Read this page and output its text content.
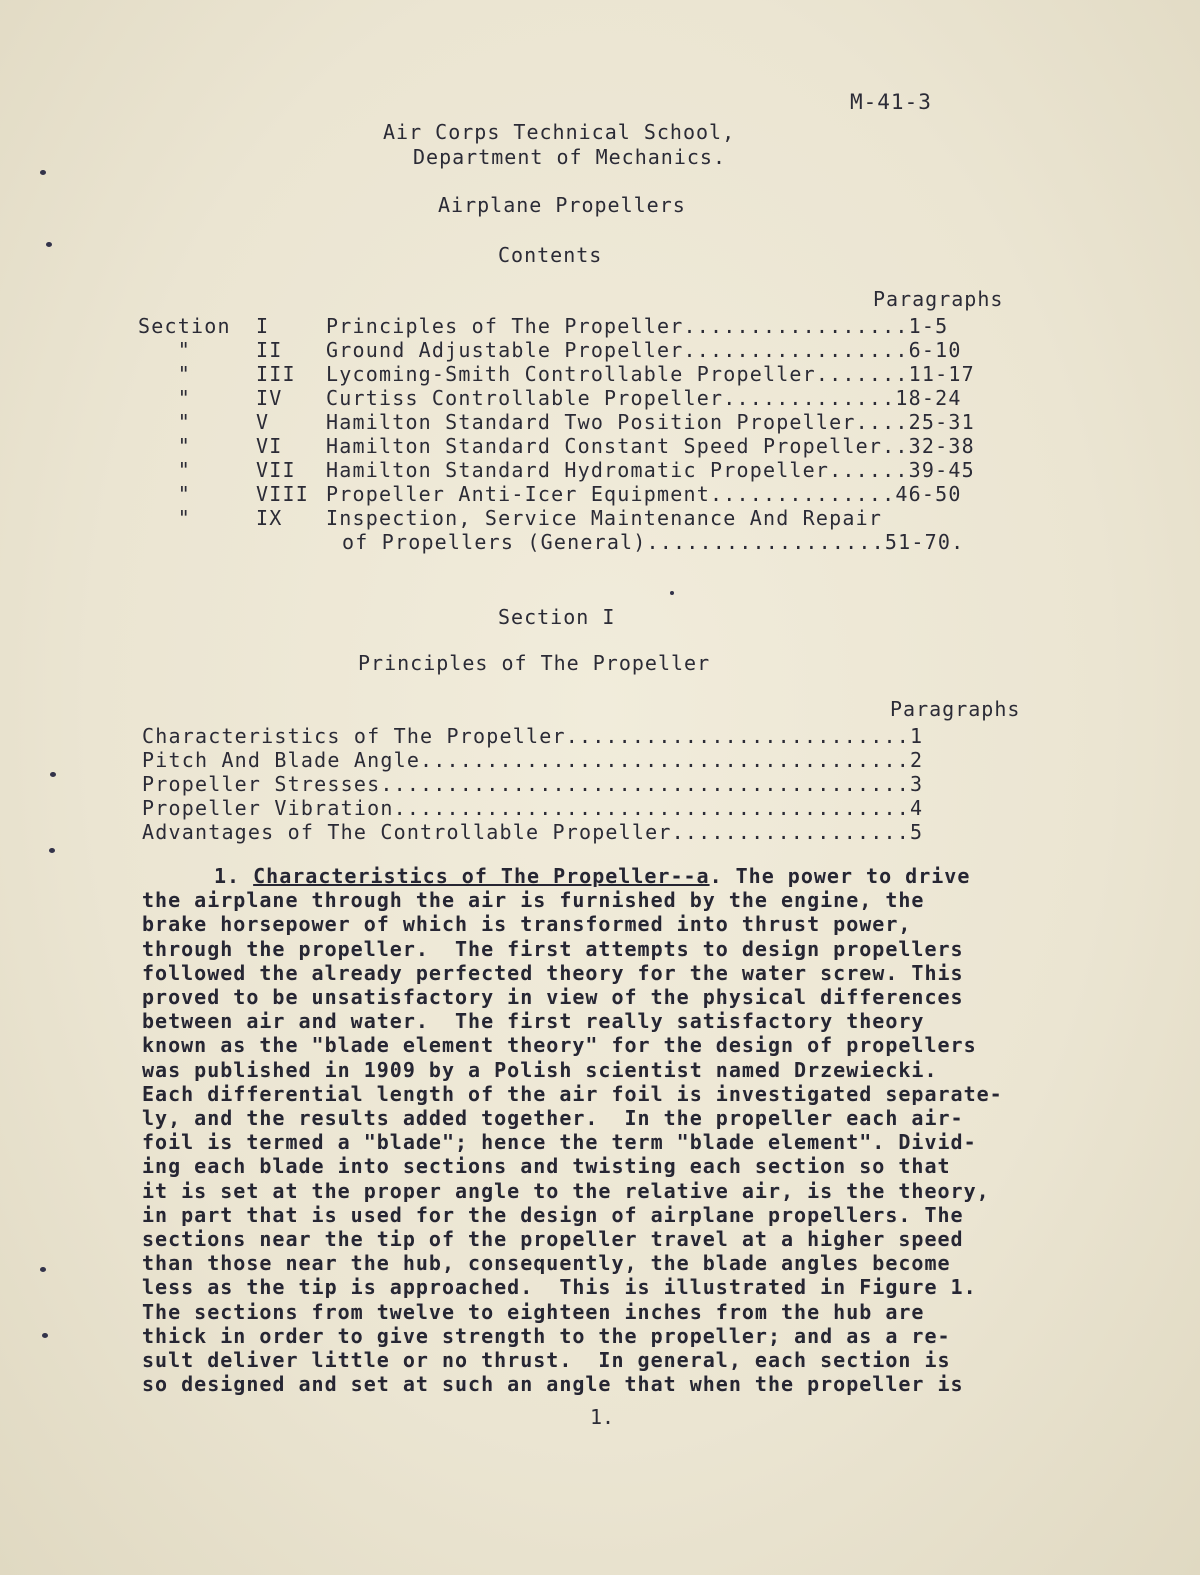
M-41-3
Air Corps Technical School,
Department of Mechanics.
Airplane Propellers
Contents
Paragraphs
Section	I	Principles of The Propeller.................1-5
"	II	Ground Adjustable Propeller.................6-10
"	III	Lycoming-Smith Controllable Propeller.......11-17
"	IV	Curtiss Controllable Propeller.............18-24
"	V	Hamilton Standard Two Position Propeller....25-31
"	VI	Hamilton Standard Constant Speed Propeller..32-38
"	VII	Hamilton Standard Hydromatic Propeller......39-45
"	VIII Propeller Anti-Icer Equipment..............46-50
"	IX	Inspection, Service Maintenance And Repair
of Propellers (General)..................51-70.
Section I
Principles of The Propeller
Paragraphs
Characteristics of The Propeller..........................1
Pitch And Blade Angle.....................................2
Propeller Stresses........................................3
Propeller Vibration.......................................4
Advantages of The Controllable Propeller..................5
1. Characteristics of The Propeller--a. The power to drive
the airplane through the air is furnished by the engine, the
brake horsepower of which is transformed into thrust power,
through the propeller.  The first attempts to design propellers
followed the already perfected theory for the water screw. This
proved to be unsatisfactory in view of the physical differences
between air and water.  The first really satisfactory theory
known as the "blade element theory" for the design of propellers
was published in 1909 by a Polish scientist named Drzewiecki.
Each differential length of the air foil is investigated separate-
ly, and the results added together.  In the propeller each air-
foil is termed a "blade"; hence the term "blade element". Divid-
ing each blade into sections and twisting each section so that
it is set at the proper angle to the relative air, is the theory,
in part that is used for the design of airplane propellers. The
sections near the tip of the propeller travel at a higher speed
than those near the hub, consequently, the blade angles become
less as the tip is approached.  This is illustrated in Figure 1.
The sections from twelve to eighteen inches from the hub are
thick in order to give strength to the propeller; and as a re-
sult deliver little or no thrust.  In general, each section is
so designed and set at such an angle that when the propeller is
1.
